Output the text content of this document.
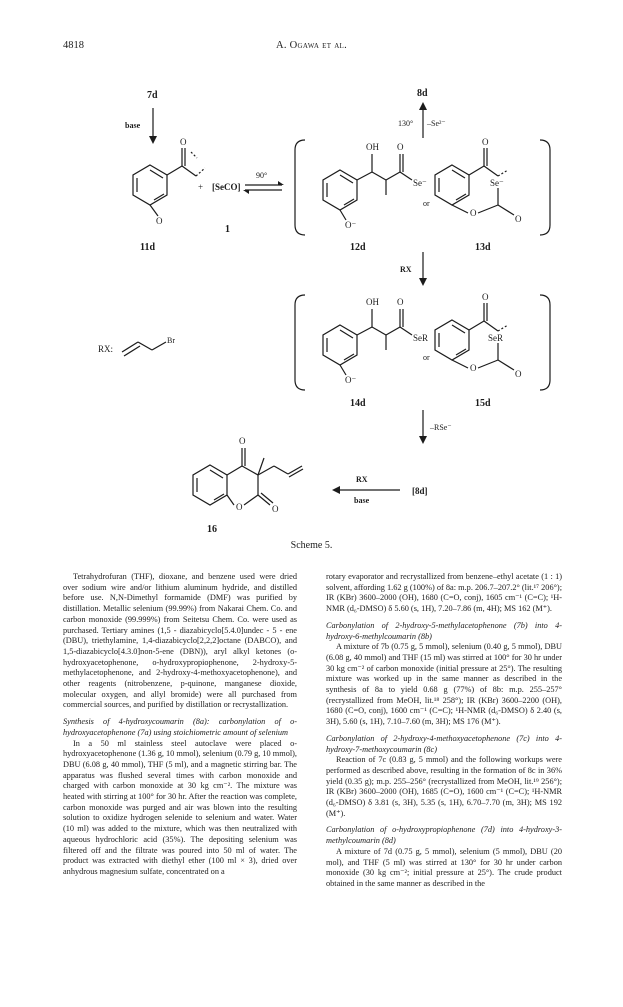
4818	A. Ogawa et al.
7d
base
8d
130° –Se²⁻
O
O
11d
+ [SeCO]
1
90°
OH O
Se⁻
O⁻
12d
or
O
Se⁻
O
O
13d
RX
RX:
Br
OH O
SeR
O⁻
14d
or
O
SeR
O
O
15d
–RSe⁻
[8d]
RX
base
O
O	O
16
Scheme 5.

Tetrahydrofuran (THF), dioxane, and benzene used were dried over sodium wire and/or lithium aluminum hydride, and distilled before use. N,N-Dimethyl formamide (DMF) was purified by distillation. Metallic selenium (99.99%) from Nakarai Chem. Co. and carbon monoxide (99.999%) from Seitetsu Chem. Co. were used as purchased. Tertiary amines (1,5 - diazabicyclo[5.4.0]undec - 5 - ene (DBU), triethylamine, 1,4-diazabicyclo[2,2,2]octane (DABCO), and 1,5-diazabicyclo[4.3.0]non-5-ene (DBN)), aryl alkyl ketones (o-hydroxyacetophenone, o-hydroxypropiophenone, 2-hydroxy-5-methylacetophenone, and 2-hydroxy-4-methoxyacetophenone), and other reagents (nitrobenzene, p-quinone, manganese dioxide, molecular oxygen, and allyl bromide) were all purchased from commercial sources, and purified by distillation or recrystallization.

Synthesis of 4-hydroxycoumarin (8a): carbonylation of o-hydroxyacetophenone (7a) using stoichiometric amount of selenium

In a 50 ml stainless steel autoclave were placed o-hydroxyacetophenone (1.36 g, 10 mmol), selenium (0.79 g, 10 mmol), DBU (6.08 g, 40 mmol), THF (5 ml), and a magnetic stirring bar. The apparatus was flushed several times with carbon monoxide and charged with carbon monoxide at 30 kg cm⁻². The mixture was heated with stirring at 100° for 30 hr. After the reaction was complete, carbon monoxide was purged and air was blown into the resulting solution to oxidize hydrogen selenide to selenium and water. Water (10 ml) was added to the mixture, which was then neutralized with aqueous hydrochloric acid (35%). The depositing selenium was filtered off and the filtrate was poured into 50 ml of water. The product was extracted with diethyl ether (100 ml × 3), dried over anhydrous magnesium sulfate, concentrated on a

rotary evaporator and recrystallized from benzene–ethyl acetate (1 : 1) solvent, affording 1.62 g (100%) of 8a: m.p. 206.7–207.2° (lit.¹⁷ 206°); IR (KBr) 3600–2000 (OH), 1680 (C=O, conj), 1605 cm⁻¹ (C=C); ¹H-NMR (d₆-DMSO) δ 5.60 (s, 1H), 7.20–7.86 (m, 4H); MS 162 (M⁺).

Carbonylation of 2-hydroxy-5-methylacetophenone (7b) into 4-hydroxy-6-methylcoumarin (8b)

A mixture of 7b (0.75 g, 5 mmol), selenium (0.40 g, 5 mmol), DBU (6.08 g, 40 mmol) and THF (15 ml) was stirred at 100° for 30 hr under 30 kg cm⁻² of carbon monoxide (initial pressure at 25°). The resulting mixture was worked up in the same manner as described in the synthesis of 8a to yield 0.68 g (77%) of 8b: m.p. 255–257° (recrystallized from MeOH, lit.¹⁸ 258°); IR (KBr) 3600–2200 (OH), 1680 (C=O, conj), 1600 cm⁻¹ (C=C); ¹H-NMR (d₆-DMSO) δ 2.40 (s, 3H), 5.60 (s, 1H), 7.10–7.60 (m, 3H); MS 176 (M⁺).

Carbonylation of 2-hydroxy-4-methoxyacetophenone (7c) into 4-hydroxy-7-methoxycoumarin (8c)

Reaction of 7c (0.83 g, 5 mmol) and the following workups were performed as described above, resulting in the formation of 8c in 36% yield (0.35 g); m.p. 255–256° (recrystallized from MeOH, lit.¹⁹ 256°); IR (KBr) 3600–2000 (OH), 1685 (C=O), 1600 cm⁻¹ (C=C); ¹H-NMR (d₆-DMSO) δ 3.81 (s, 3H), 5.35 (s, 1H), 6.70–7.70 (m, 3H); MS 192 (M⁺).

Carbonylation of o-hydroxypropiophenone (7d) into 4-hydroxy-3-methylcoumarin (8d)

A mixture of 7d (0.75 g, 5 mmol), selenium (5 mmol), DBU (20 mol), and THF (5 ml) was stirred at 130° for 30 hr under carbon monoxide (30 kg cm⁻²; initial pressure at 25°). The crude product obtained in the same manner as described in the
